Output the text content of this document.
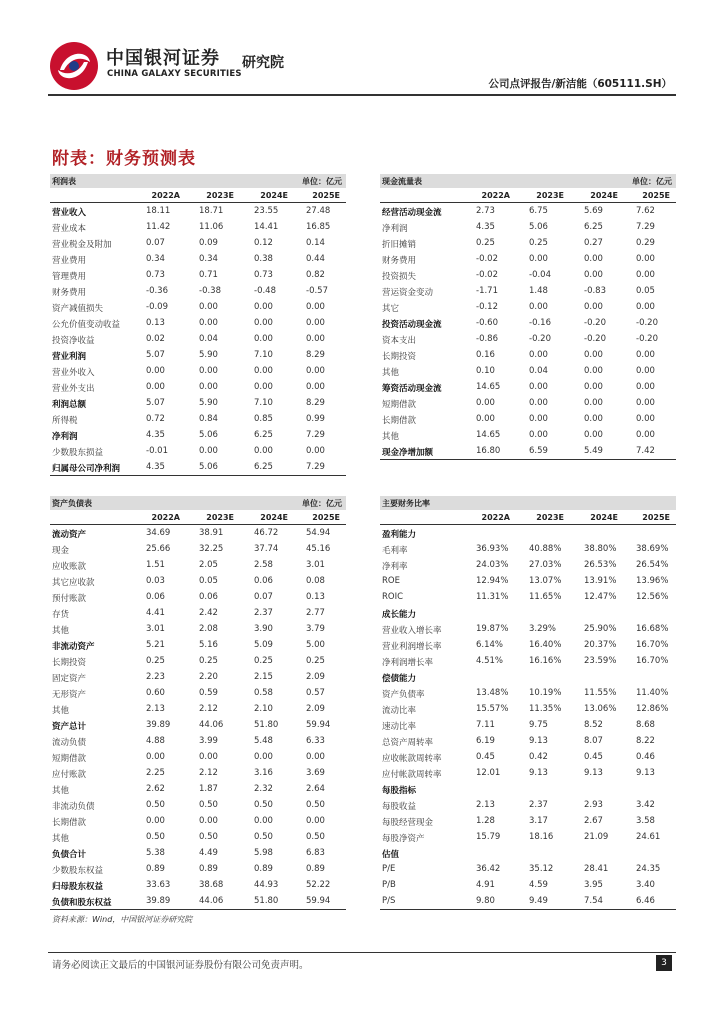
中国银河证券
CHINA GALAXY SECURITIES
研究院
公司点评报告/新洁能（605111.SH）
附表：财务预测表
利润表	单位：亿元
2022A	2023E	2024E	2025E
营业收入	18.11	18.71	23.55	27.48
营业成本	11.42	11.06	14.41	16.85
营业税金及附加	0.07	0.09	0.12	0.14
营业费用	0.34	0.34	0.38	0.44
管理费用	0.73	0.71	0.73	0.82
财务费用	-0.36	-0.38	-0.48	-0.57
资产减值损失	-0.09	0.00	0.00	0.00
公允价值变动收益	0.13	0.00	0.00	0.00
投资净收益	0.02	0.04	0.00	0.00
营业利润	5.07	5.90	7.10	8.29
营业外收入	0.00	0.00	0.00	0.00
营业外支出	0.00	0.00	0.00	0.00
利润总额	5.07	5.90	7.10	8.29
所得税	0.72	0.84	0.85	0.99
净利润	4.35	5.06	6.25	7.29
少数股东损益	-0.01	0.00	0.00	0.00
归属母公司净利润	4.35	5.06	6.25	7.29
现金流量表	单位：亿元
2022A	2023E	2024E	2025E
经营活动现金流	2.73	6.75	5.69	7.62
净利润	4.35	5.06	6.25	7.29
折旧摊销	0.25	0.25	0.27	0.29
财务费用	-0.02	0.00	0.00	0.00
投资损失	-0.02	-0.04	0.00	0.00
营运资金变动	-1.71	1.48	-0.83	0.05
其它	-0.12	0.00	0.00	0.00
投资活动现金流	-0.60	-0.16	-0.20	-0.20
资本支出	-0.86	-0.20	-0.20	-0.20
长期投资	0.16	0.00	0.00	0.00
其他	0.10	0.04	0.00	0.00
筹资活动现金流	14.65	0.00	0.00	0.00
短期借款	0.00	0.00	0.00	0.00
长期借款	0.00	0.00	0.00	0.00
其他	14.65	0.00	0.00	0.00
现金净增加额	16.80	6.59	5.49	7.42
资产负债表	单位：亿元
2022A	2023E	2024E	2025E
流动资产	34.69	38.91	46.72	54.94
现金	25.66	32.25	37.74	45.16
应收账款	1.51	2.05	2.58	3.01
其它应收款	0.03	0.05	0.06	0.08
预付账款	0.06	0.06	0.07	0.13
存货	4.41	2.42	2.37	2.77
其他	3.01	2.08	3.90	3.79
非流动资产	5.21	5.16	5.09	5.00
长期投资	0.25	0.25	0.25	0.25
固定资产	2.23	2.20	2.15	2.09
无形资产	0.60	0.59	0.58	0.57
其他	2.13	2.12	2.10	2.09
资产总计	39.89	44.06	51.80	59.94
流动负债	4.88	3.99	5.48	6.33
短期借款	0.00	0.00	0.00	0.00
应付账款	2.25	2.12	3.16	3.69
其他	2.62	1.87	2.32	2.64
非流动负债	0.50	0.50	0.50	0.50
长期借款	0.00	0.00	0.00	0.00
其他	0.50	0.50	0.50	0.50
负债合计	5.38	4.49	5.98	6.83
少数股东权益	0.89	0.89	0.89	0.89
归母股东权益	33.63	38.68	44.93	52.22
负债和股东权益	39.89	44.06	51.80	59.94
主要财务比率
2022A	2023E	2024E	2025E
盈利能力
毛利率	36.93%	40.88%	38.80%	38.69%
净利率	24.03%	27.03%	26.53%	26.54%
ROE	12.94%	13.07%	13.91%	13.96%
ROIC	11.31%	11.65%	12.47%	12.56%
成长能力
营业收入增长率	19.87%	3.29%	25.90%	16.68%
营业利润增长率	6.14%	16.40%	20.37%	16.70%
净利润增长率	4.51%	16.16%	23.59%	16.70%
偿债能力
资产负债率	13.48%	10.19%	11.55%	11.40%
流动比率	15.57%	11.35%	13.06%	12.86%
速动比率	7.11	9.75	8.52	8.68
总资产周转率	6.19	9.13	8.07	8.22
应收帐款周转率	0.45	0.42	0.45	0.46
应付帐款周转率	12.01	9.13	9.13	9.13
每股指标
每股收益	2.13	2.37	2.93	3.42
每股经营现金	1.28	3.17	2.67	3.58
每股净资产	15.79	18.16	21.09	24.61
估值
P/E	36.42	35.12	28.41	24.35
P/B	4.91	4.59	3.95	3.40
P/S	9.80	9.49	7.54	6.46
资料来源：Wind，中国银河证券研究院
请务必阅读正文最后的中国银河证券股份有限公司免责声明。	3
